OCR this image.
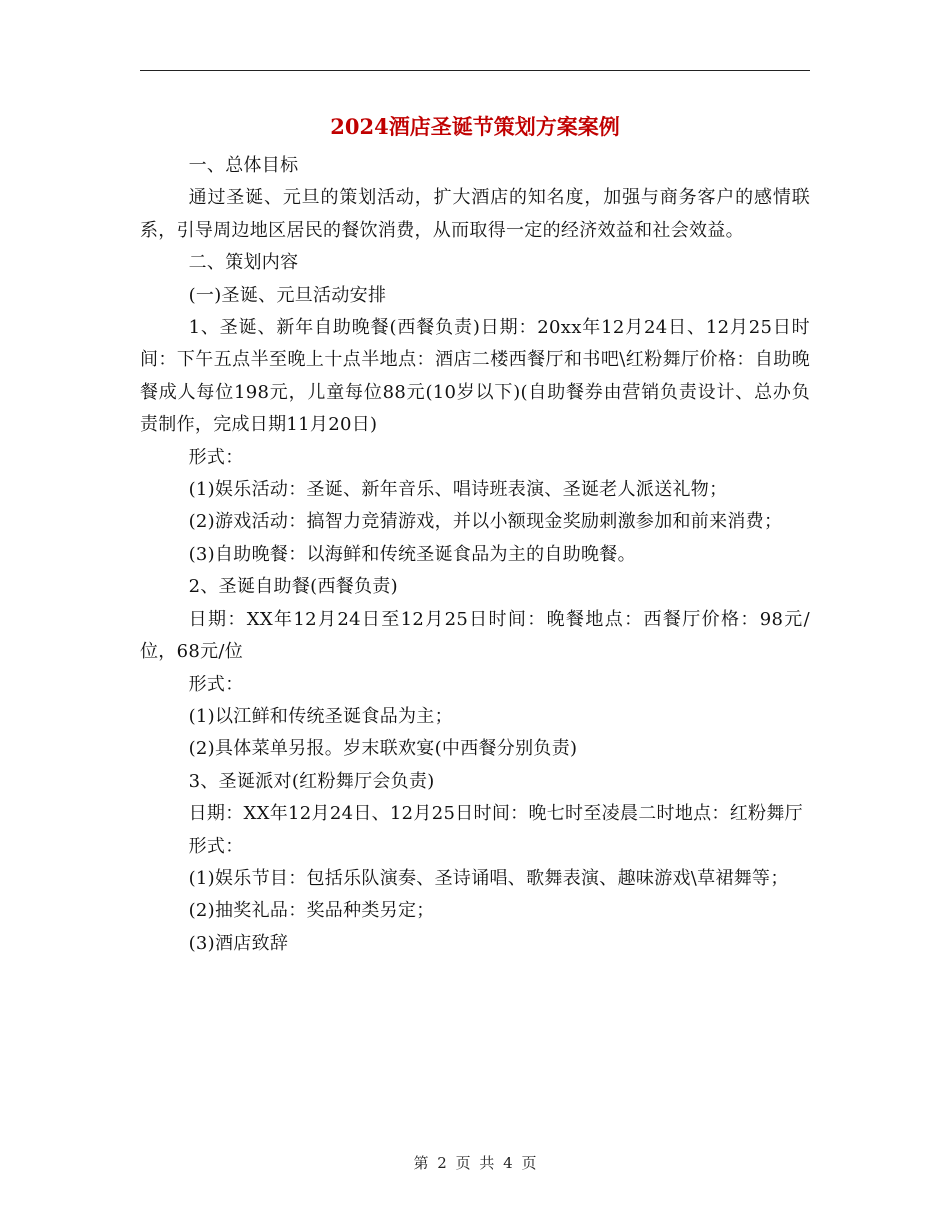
2024酒店圣诞节策划方案案例

一、总体目标

通过圣诞、元旦的策划活动，扩大酒店的知名度，加强与商务客户的感情联系，引导周边地区居民的餐饮消费，从而取得一定的经济效益和社会效益。

二、策划内容

(一)圣诞、元旦活动安排

1、圣诞、新年自助晚餐(西餐负责)日期：20xx年12月24日、12月25日时间：下午五点半至晚上十点半地点：酒店二楼西餐厅和书吧\红粉舞厅价格：自助晚餐成人每位198元，儿童每位88元(10岁以下)(自助餐券由营销负责设计、总办负责制作，完成日期11月20日)

形式：

(1)娱乐活动：圣诞、新年音乐、唱诗班表演、圣诞老人派送礼物；

(2)游戏活动：搞智力竞猜游戏，并以小额现金奖励刺激参加和前来消费；

(3)自助晚餐：以海鲜和传统圣诞食品为主的自助晚餐。

2、圣诞自助餐(西餐负责)

日期：XX年12月24日至12月25日时间：晚餐地点：西餐厅价格：98元/位，68元/位

形式：

(1)以江鲜和传统圣诞食品为主；

(2)具体菜单另报。岁末联欢宴(中西餐分别负责)

3、圣诞派对(红粉舞厅会负责)

日期：XX年12月24日、12月25日时间：晚七时至凌晨二时地点：红粉舞厅

形式：

(1)娱乐节目：包括乐队演奏、圣诗诵唱、歌舞表演、趣味游戏\草裙舞等；

(2)抽奖礼品：奖品种类另定；

(3)酒店致辞

第 2 页 共 4 页
